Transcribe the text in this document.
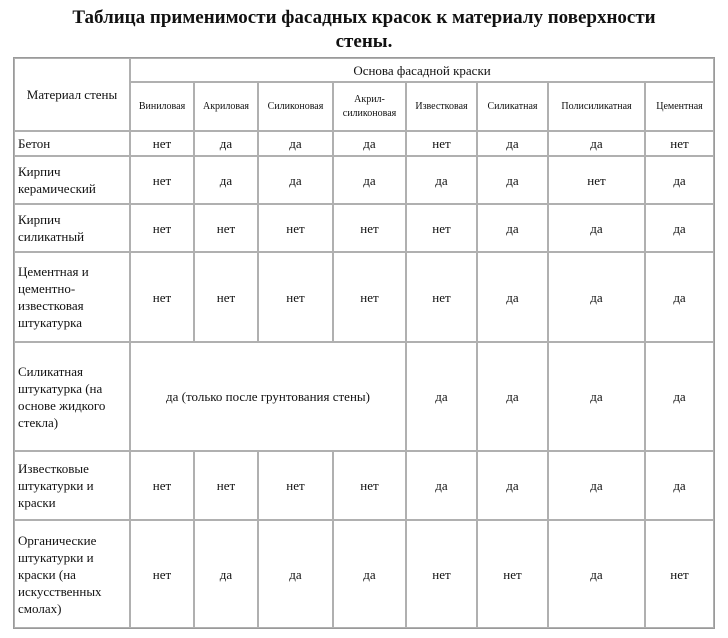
Таблица применимости фасадных красок к материалу поверхности
стены.
Материал стены	Основа фасадной краски							
	Виниловая	Акриловая	Силиконовая	Акрил-силиконовая	Известковая	Силикатная	Полисиликатная	Цементная
Бетон	нет	да	да	да	нет	да	да	нет
Кирпич керамический	нет	да	да	да	да	да	нет	да
Кирпич силикатный	нет	нет	нет	нет	нет	да	да	да
Цементная и цементно-известковая штукатурка	нет	нет	нет	нет	нет	да	да	да
Силикатная штукатурка (на основе жидкого стекла)	да (только после грунтования стены)				да	да	да	да
Известковые штукатурки и краски	нет	нет	нет	нет	да	да	да	да
Органические штукатурки и краски (на искусственных смолах)	нет	да	да	да	нет	нет	да	нет
